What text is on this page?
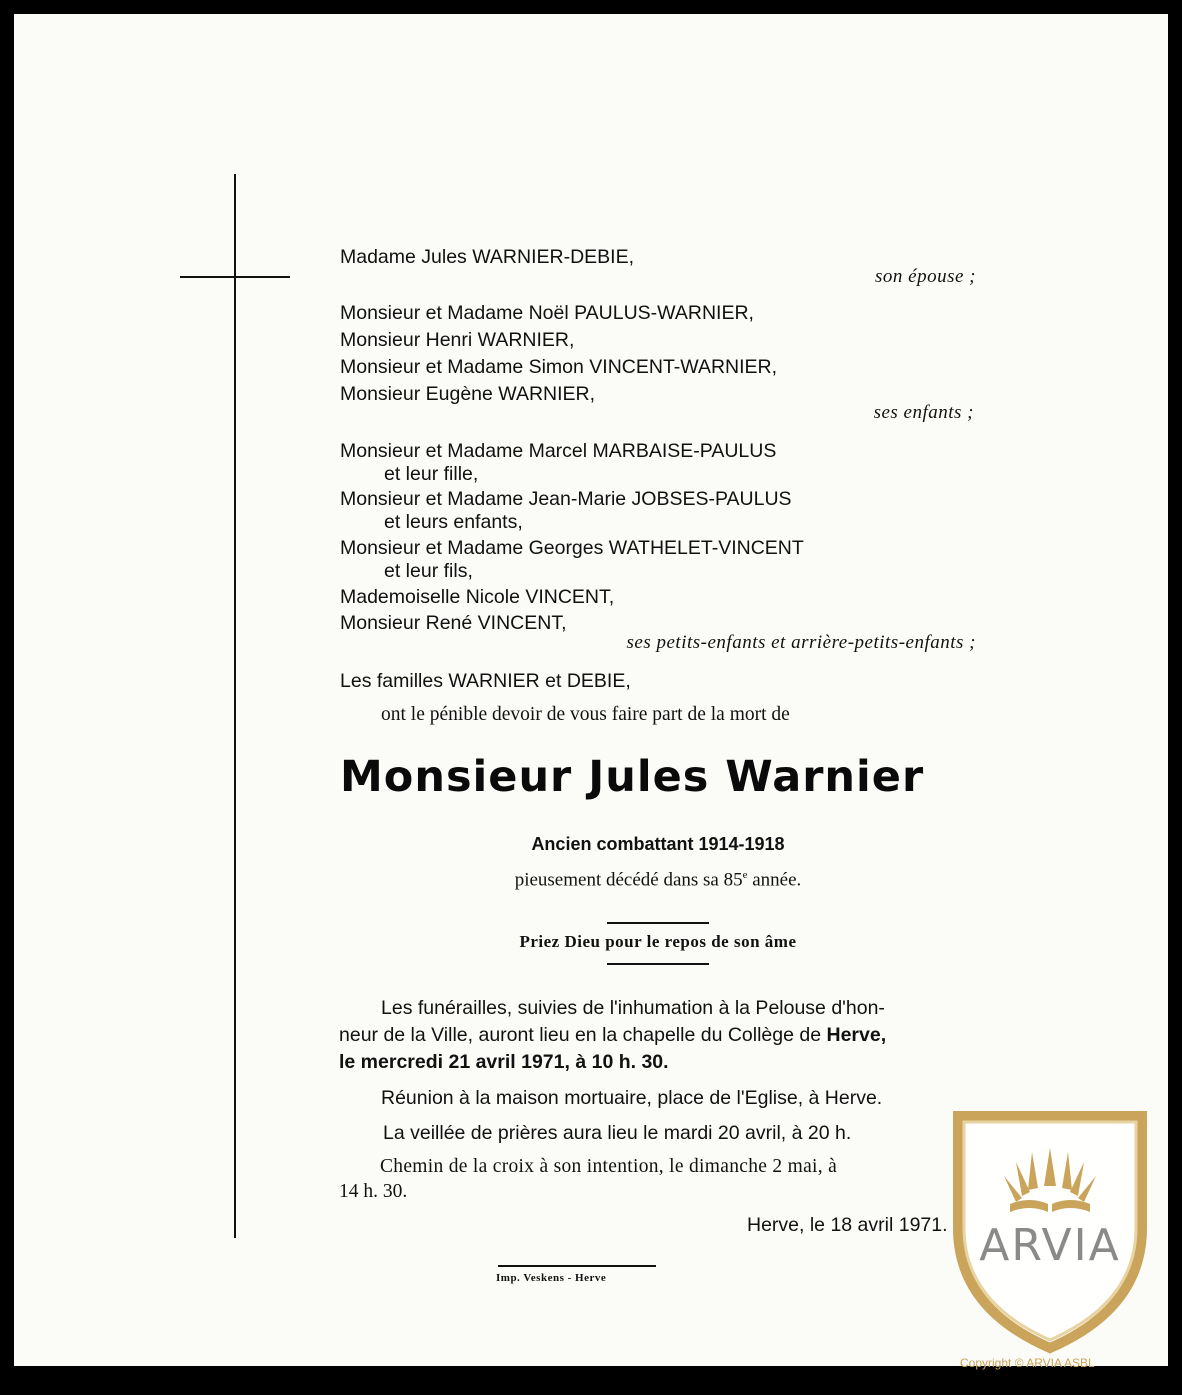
Madame Jules WARNIER-DEBIE,
son épouse ;
Monsieur et Madame Noël PAULUS-WARNIER,
Monsieur Henri WARNIER,
Monsieur et Madame Simon VINCENT-WARNIER,
Monsieur Eugène WARNIER,
ses enfants ;
Monsieur et Madame Marcel MARBAISE-PAULUS
et leur fille,
Monsieur et Madame Jean-Marie JOBSES-PAULUS
et leurs enfants,
Monsieur et Madame Georges WATHELET-VINCENT
et leur fils,
Mademoiselle Nicole VINCENT,
Monsieur René VINCENT,
ses petits-enfants et arrière-petits-enfants ;
Les familles WARNIER et DEBIE,
ont le pénible devoir de vous faire part de la mort de
Monsieur Jules Warnier
Ancien combattant 1914-1918
pieusement décédé dans sa 85e année.
Priez Dieu pour le repos de son âme
Les funérailles, suivies de l'inhumation à la Pelouse d'hon-
neur de la Ville, auront lieu en la chapelle du Collège de Herve,
le mercredi 21 avril 1971, à 10 h. 30.
Réunion à la maison mortuaire, place de l'Eglise, à Herve.
La veillée de prières aura lieu le mardi 20 avril, à 20 h.
Chemin de la croix à son intention, le dimanche 2 mai, à
14 h. 30.
Herve, le 18 avril 1971.
Imp. Veskens - Herve
ARVIA
Copyright © ARVIA ASBL
